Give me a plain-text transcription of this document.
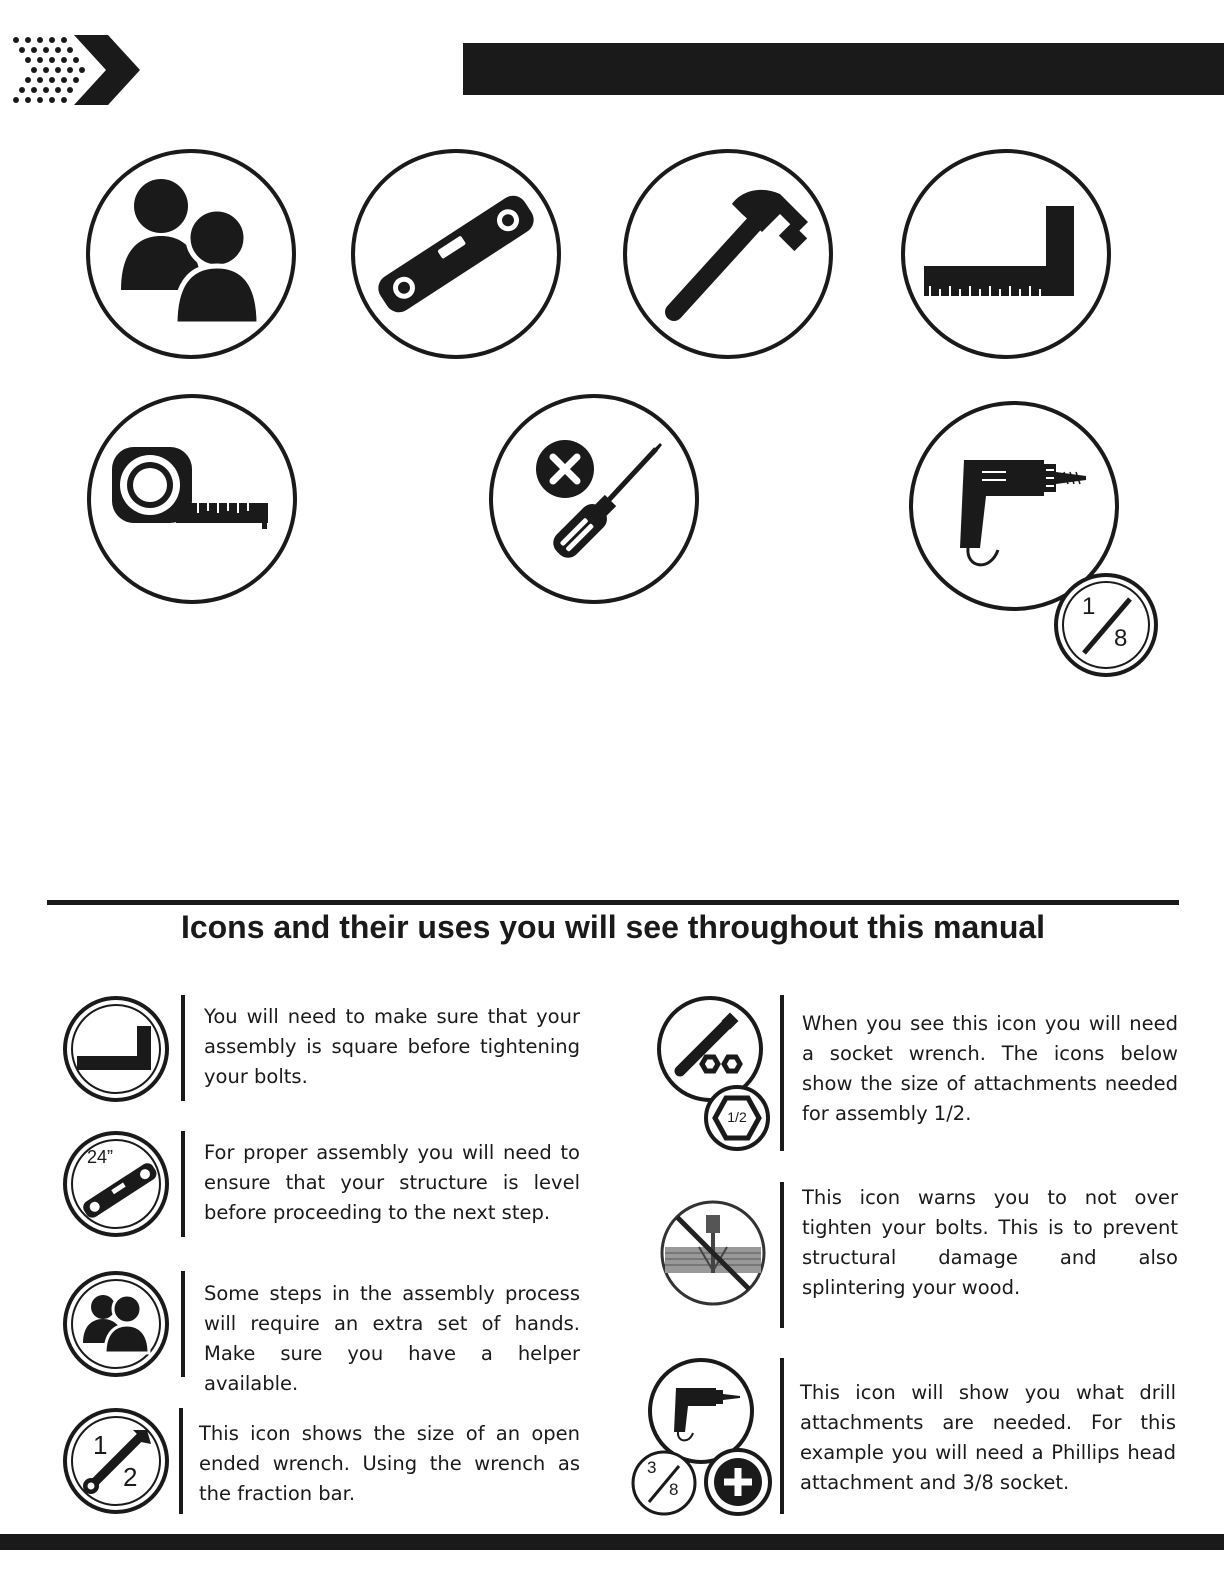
1
8
Icons and their uses you will see throughout this manual
You will need to make sure that your assembly is square before tightening your bolts.
24”	For proper assembly you will need to ensure that your structure is level before proceeding to the next step.
Some steps in the assembly process will require an extra set of hands. Make sure you have a helper available.
1
2
This icon shows the size of an open ended wrench. Using the wrench as the fraction bar.
1/2
When you see this icon you will need a socket wrench. The icons below show the size of attachments needed for assembly 1/2.
This icon warns you to not over tighten your bolts. This is to prevent structural damage and also splintering your wood.
3
8
This icon will show you what drill attachments are needed. For this example you will need a Phillips head attachment and 3/8 socket.
